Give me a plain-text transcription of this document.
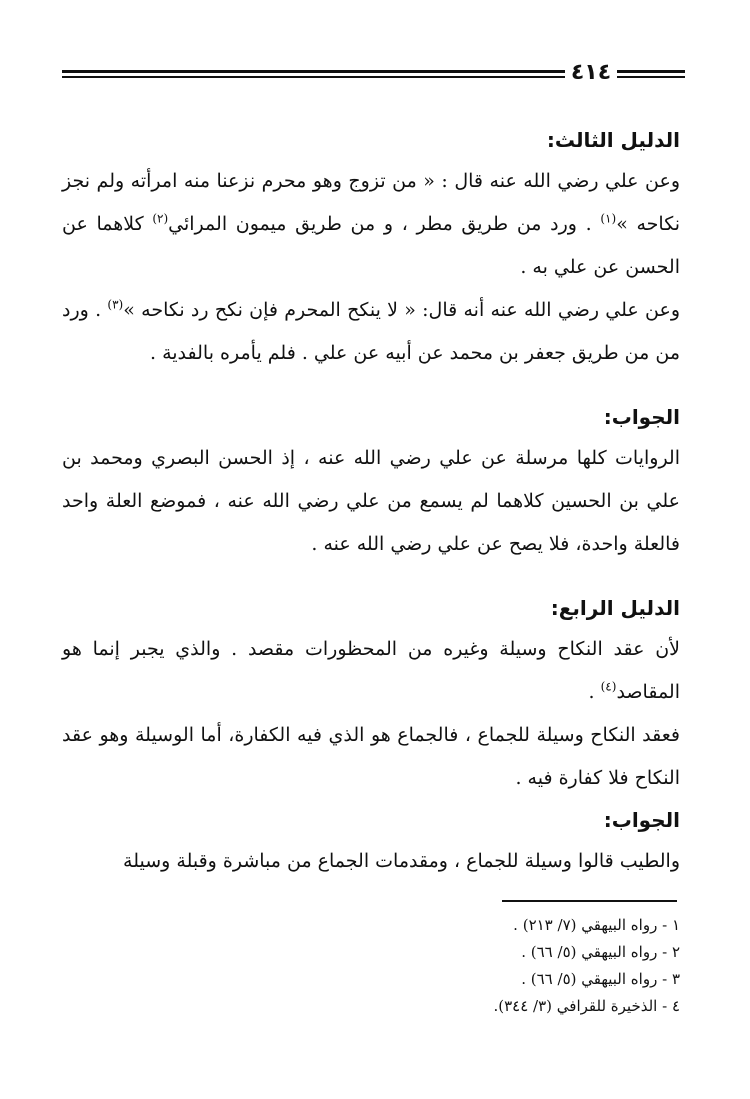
٤١٤
الدليل الثالث:

وعن علي رضي الله عنه قال : « من تزوج وهو محرم نزعنا منه امرأته ولم نجز نكاحه »$^{(١)}$ . ورد من طريق مطر ، و من طريق ميمون المرائي$^{(٢)}$ كلاهما عن الحسن عن علي به .

وعن علي رضي الله عنه أنه قال: « لا ينكح المحرم فإن نكح رد نكاحه »$^{(٣)}$ . ورد من من طريق جعفر بن محمد عن أبيه عن علي . فلم يأمره بالفدية .

الجواب:

الروايات كلها مرسلة عن علي رضي الله عنه ، إذ الحسن البصري ومحمد بن علي بن الحسين كلاهما لم يسمع من علي رضي الله عنه ، فموضع العلة واحد فالعلة واحدة، فلا يصح عن علي رضي الله عنه .

الدليل الرابع:

لأن عقد النكاح وسيلة وغيره من المحظورات مقصد . والذي يجبر إنما هو المقاصد$^{(٤)}$ .

فعقد النكاح وسيلة للجماع ، فالجماع هو الذي فيه الكفارة، أما الوسيلة وهو عقد النكاح فلا كفارة فيه .

الجواب:

والطيب قالوا وسيلة للجماع ، ومقدمات الجماع من مباشرة وقبلة وسيلة

١ - رواه البيهقي (٧/ ٢١٣) .

٢ - رواه البيهقي (٥/ ٦٦) .

٣ - رواه البيهقي (٥/ ٦٦) .

٤ - الذخيرة للقرافي (٣/ ٣٤٤).
